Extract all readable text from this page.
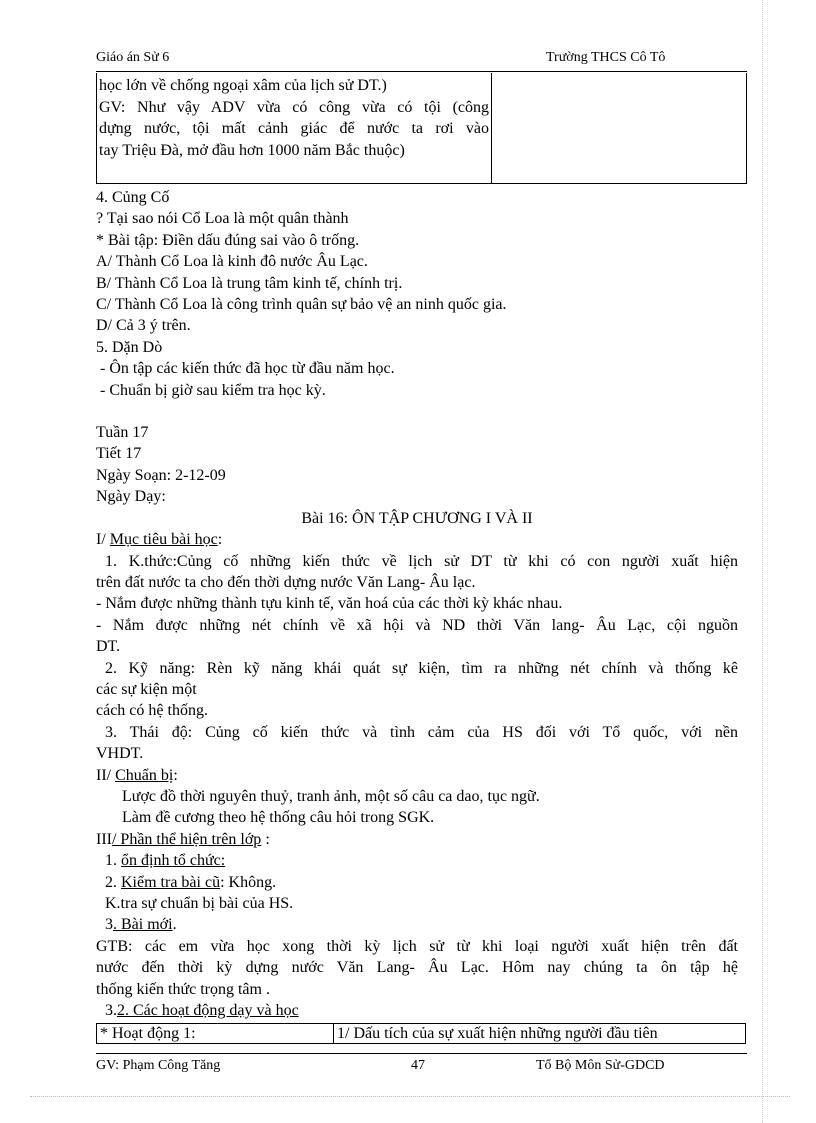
Giáo án Sử 6	Trường THCS Cô Tô
học lớn về chống ngoại xâm của lịch sử DT.)
GV: Như vậy ADV vừa có công vừa có tội (công
dựng nước, tội mất cảnh giác để nước ta rơi vào
tay Triệu Đà, mở đầu hơn 1000 năm Bắc thuộc)

4. Củng Cố

? Tại sao nói Cổ Loa là một quân thành

* Bài tập: Điền dấu đúng sai vào ô trống.

A/ Thành Cổ Loa là kinh đô nước Âu Lạc.

B/ Thành Cổ Loa là trung tâm kinh tế, chính trị.

C/ Thành Cổ Loa là công trình quân sự bảo vệ an ninh quốc gia.

D/ Cả 3 ý trên.

5. Dặn Dò

- Ôn tập các kiến thức đã học từ đầu năm học.

- Chuẩn bị giờ sau kiểm tra học kỳ.

Tuần 17

Tiết 17

Ngày Soạn: 2-12-09

Ngày Dạy:

Bài 16: ÔN TẬP CHƯƠNG I VÀ II

I/ Mục tiêu bài học:

1. K.thức:Củng cố những kiến thức về lịch sử DT từ khi có con người xuất hiện

trên đất nước ta cho đến thời dựng nước Văn Lang- Âu lạc.

- Nắm được những thành tựu kinh tế, văn hoá của các thời kỳ khác nhau.

- Nắm được những nét chính về xã hội và ND thời Văn lang- Âu Lạc, cội nguồn

DT.

2. Kỹ năng: Rèn kỹ năng khái quát sự kiện, tìm ra những nét chính và thống kê

các sự kiện một

cách có hệ thống.

3. Thái độ: Củng cố kiến thức và tình cảm của HS đối với Tổ quốc, với nền

VHDT.

II/ Chuẩn bị:

Lược đồ thời nguyên thuỷ, tranh ảnh, một số câu ca dao, tục ngữ.

Làm đề cương theo hệ thống câu hỏi trong SGK.

III/ Phần thể hiện trên lớp :

1. ổn định tổ chức:

2. Kiểm tra bài cũ: Không.

K.tra sự chuẩn bị bài của HS.

3. Bài mới.

GTB: các em vừa học xong thời kỳ lịch sử từ khi loại người xuất hiện trên đất

nước đến thời kỳ dựng nước Văn Lang- Âu Lạc. Hôm nay chúng ta ôn tập hệ

thống kiến thức trọng tâm .

3.2. Các hoạt động dạy và học

* Hoạt động 1:	1/ Dấu tích của sự xuất hiện những người đầu tiên
GV: Phạm Công Tăng	47	Tổ Bộ Môn Sử-GDCD
